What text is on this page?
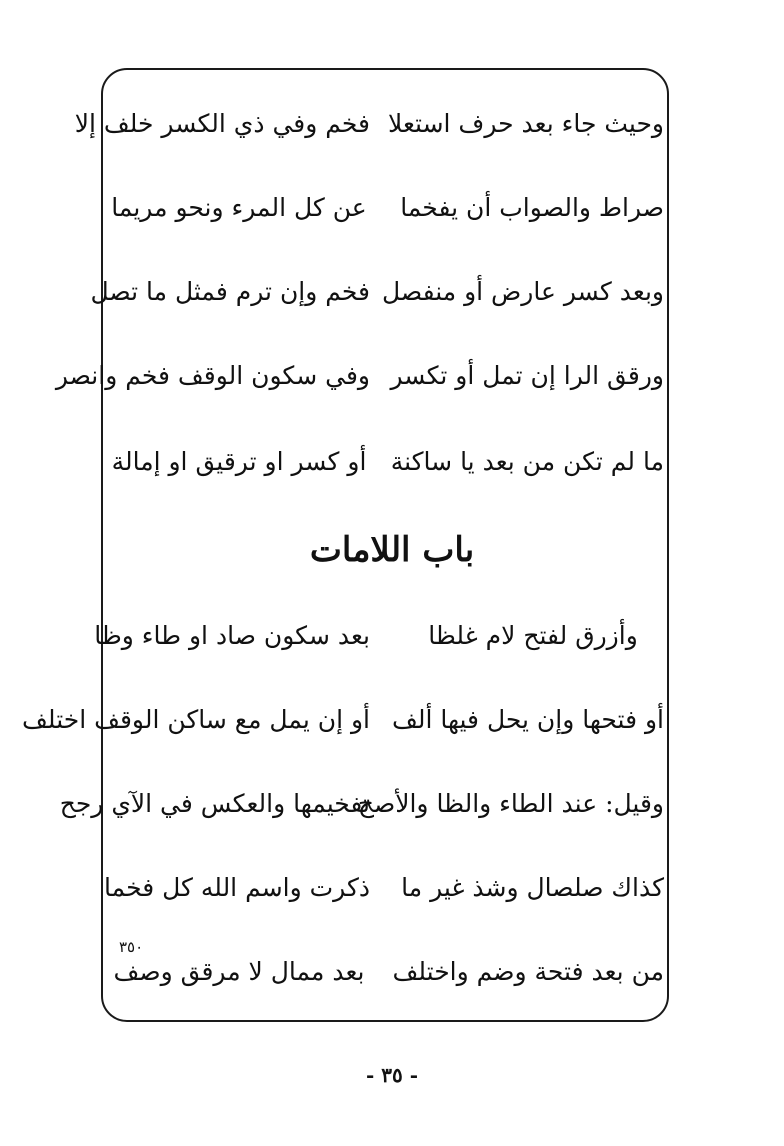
وحيث جاء بعد حرف استعلا
فخم وفي ذي الكسر خلف إلا
صراط والصواب أن يفخما
عن كل المرء ونحو مريما
وبعد كسر عارض أو منفصل
فخم وإن ترم فمثل ما تصل
ورقق الرا إن تمل أو تكسر
وفي سكون الوقف فخم وانصر
ما لم تكن من بعد يا ساكنة
أو كسر او ترقيق او إمالة
باب اللامات
وأزرق لفتح لام غلظا
بعد سكون صاد او طاء وظا
أو فتحها وإن يحل فيها ألف
أو إن يمل مع ساكن الوقف اختلف
وقيل: عند الطاء والظا والأصح
تفخيمها والعكس في الآي رجح
كذاك صلصال وشذ غير ما
ذكرت واسم الله كل فخما
٣٥٠
من بعد فتحة وضم واختلف
بعد ممال لا مرقق وصف
- ٣٥ -
